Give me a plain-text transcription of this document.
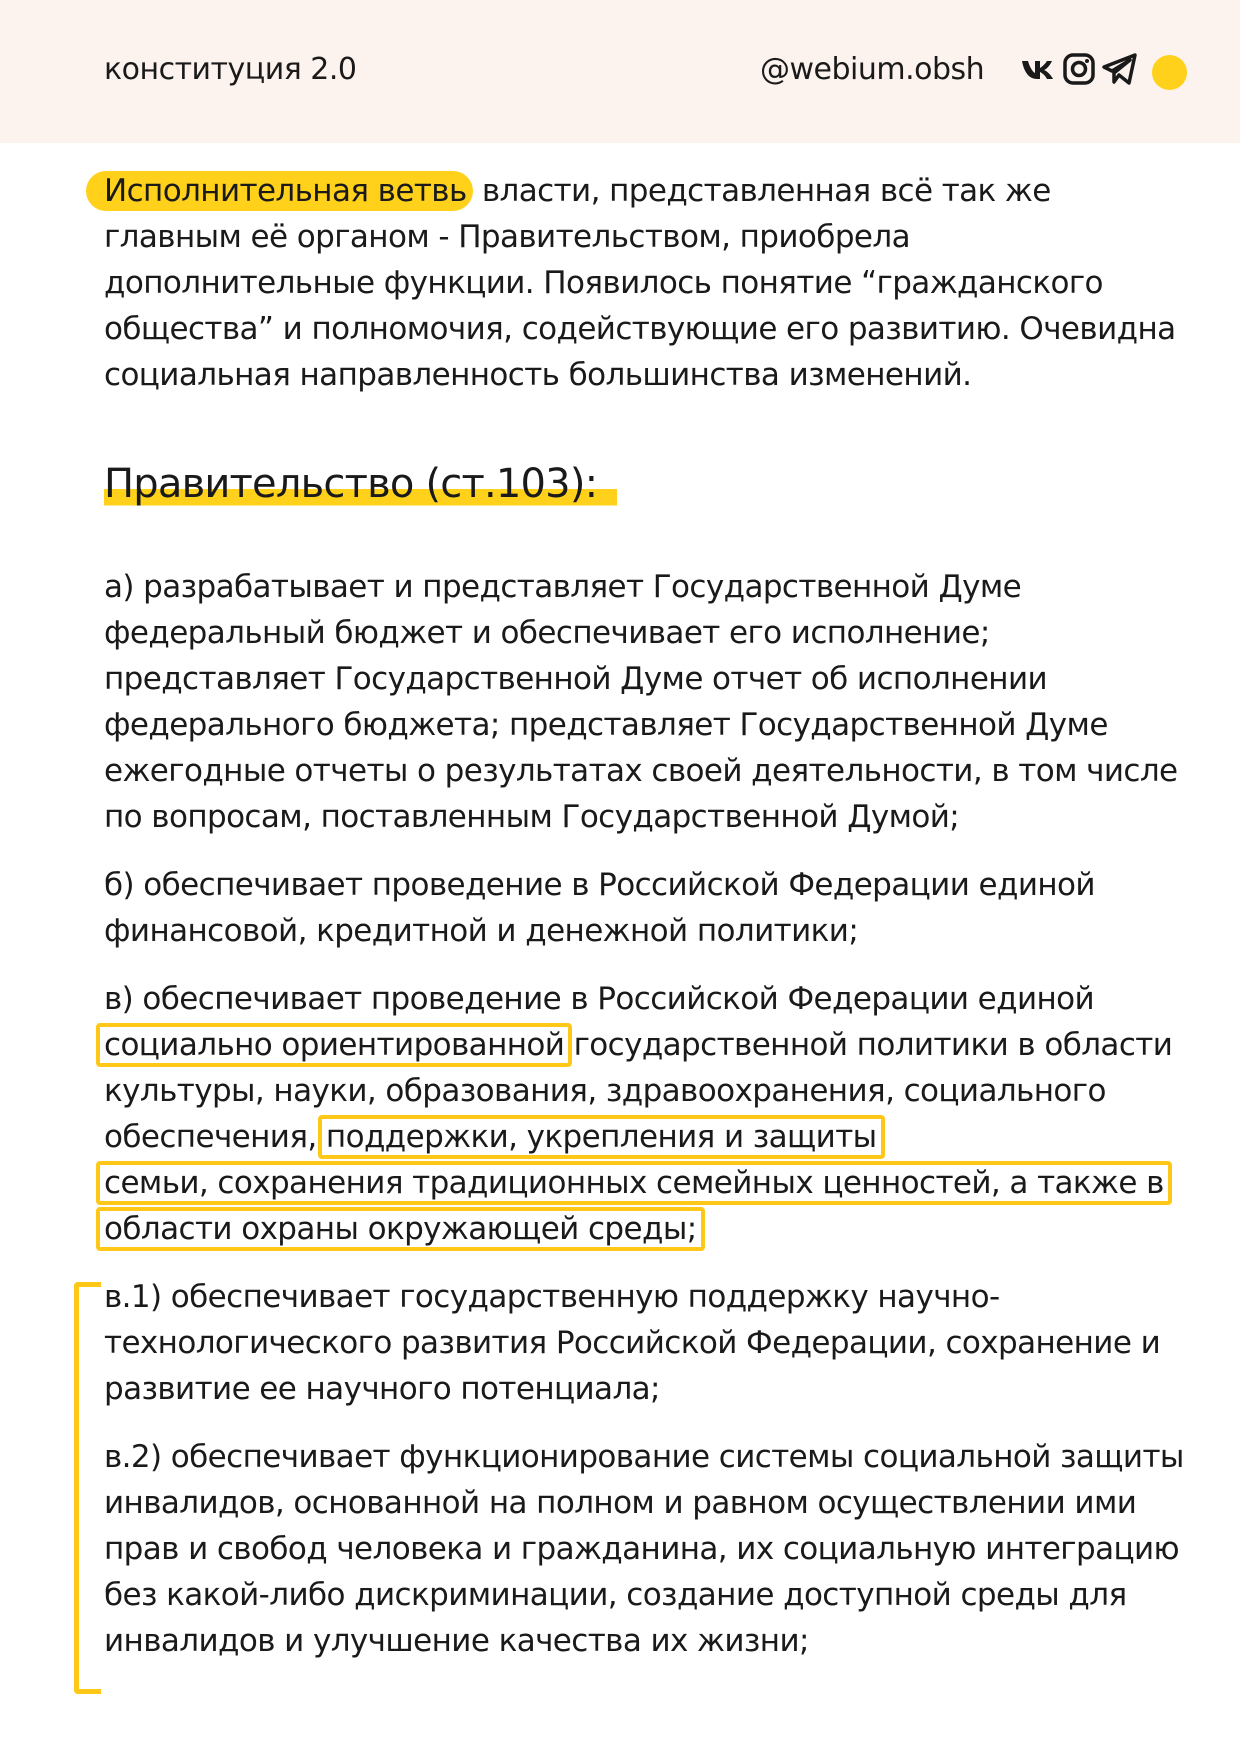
конституция 2.0	@webium.obsh

Исполнительная ветвь власти, представленная всё так же главным её органом - Правительством, приобрела дополнительные функции. Появилось понятие “гражданского общества” и полномочия, содействующие его развитию. Очевидна социальная направленность большинства изменений.

Правительство (ст.103):

а) разрабатывает и представляет Государственной Думе федеральный бюджет и обеспечивает его исполнение; представляет Государственной Думе отчет об исполнении федерального бюджета; представляет Государственной Думе ежегодные отчеты о результатах своей деятельности, в том числе по вопросам, поставленным Государственной Думой;

б) обеспечивает проведение в Российской Федерации единой финансовой, кредитной и денежной политики;

в) обеспечивает проведение в Российской Федерации единой
социально ориентированной государственной политики в области культуры, науки, образования, здравоохранения, социального обеспечения, поддержки, укрепления и защиты
семьи, сохранения традиционных семейных ценностей, а также в
области охраны окружающей среды;

в.1) обеспечивает государственную поддержку научно-технологического развития Российской Федерации, сохранение и развитие ее научного потенциала;

в.2) обеспечивает функционирование системы социальной защиты инвалидов, основанной на полном и равном осуществлении ими прав и свобод человека и гражданина, их социальную интеграцию без какой-либо дискриминации, создание доступной среды для инвалидов и улучшение качества их жизни;
